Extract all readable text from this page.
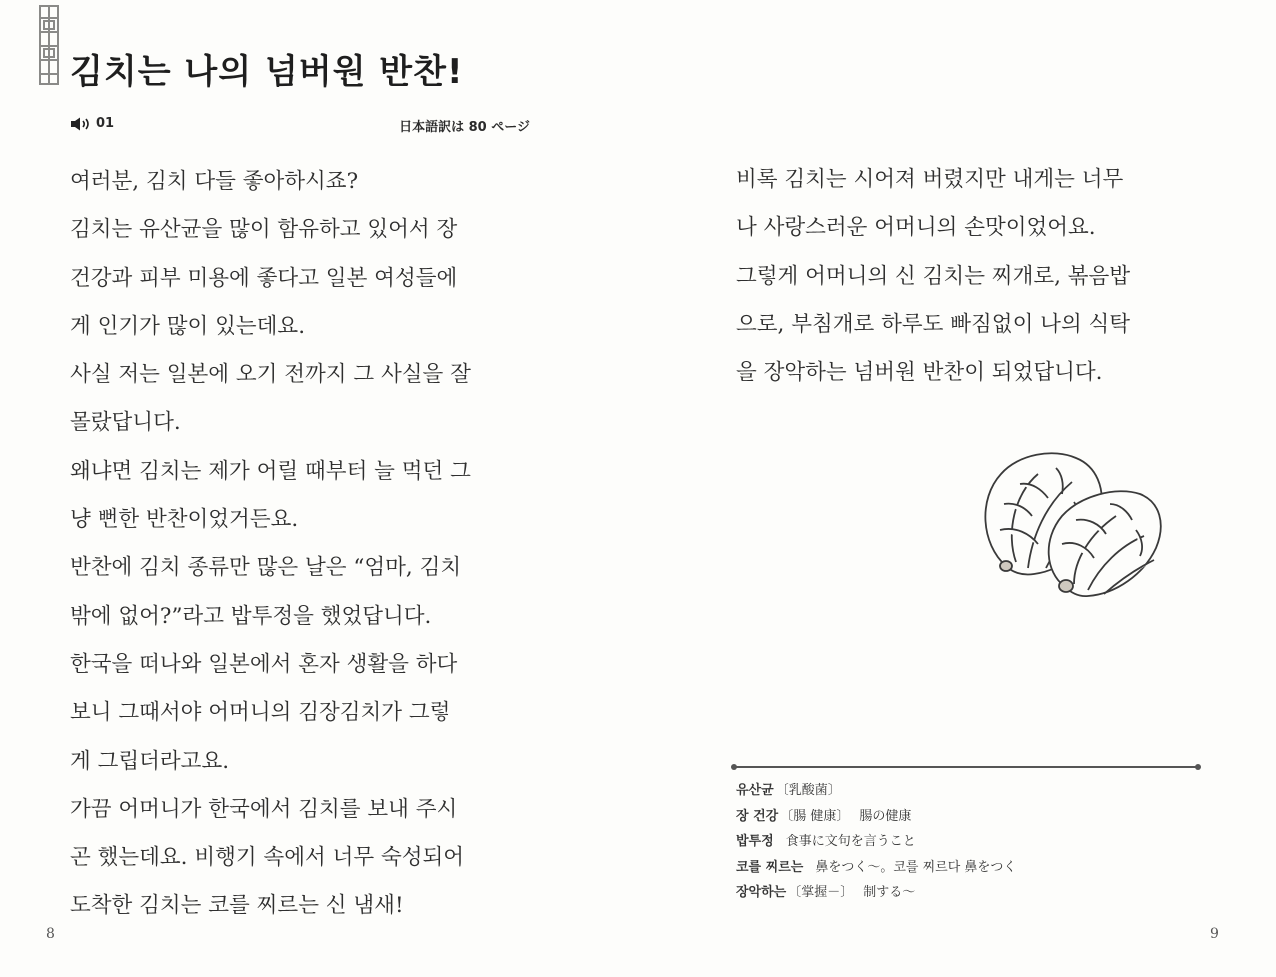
김치는 나의 넘버원 반찬!
01	日本語訳は 80 ページ
여러분, 김치 다들 좋아하시죠?
김치는 유산균을 많이 함유하고 있어서 장
건강과 피부 미용에 좋다고 일본 여성들에
게 인기가 많이 있는데요.
사실 저는 일본에 오기 전까지 그 사실을 잘
몰랐답니다.
왜냐면 김치는 제가 어릴 때부터 늘 먹던 그
냥 뻔한 반찬이었거든요.
반찬에 김치 종류만 많은 날은 “엄마, 김치
밖에 없어?”라고 밥투정을 했었답니다.
한국을 떠나와 일본에서 혼자 생활을 하다
보니 그때서야 어머니의 김장김치가 그렇
게 그립더라고요.
가끔 어머니가 한국에서 김치를 보내 주시
곤 했는데요. 비행기 속에서 너무 숙성되어
도착한 김치는 코를 찌르는 신 냄새!
8
비록 김치는 시어져 버렸지만 내게는 너무
나 사랑스러운 어머니의 손맛이었어요.
그렇게 어머니의 신 김치는 찌개로, 볶음밥
으로, 부침개로 하루도 빠짐없이 나의 식탁
을 장악하는 넘버원 반찬이 되었답니다.
유산균 〔乳酸菌〕
장 건강 〔腸 健康〕 腸の健康
밥투정 食事に文句を言うこと
코를 찌르는 鼻をつく～。코를 찌르다 鼻をつく
장악하는 〔掌握－〕 制する～
9
